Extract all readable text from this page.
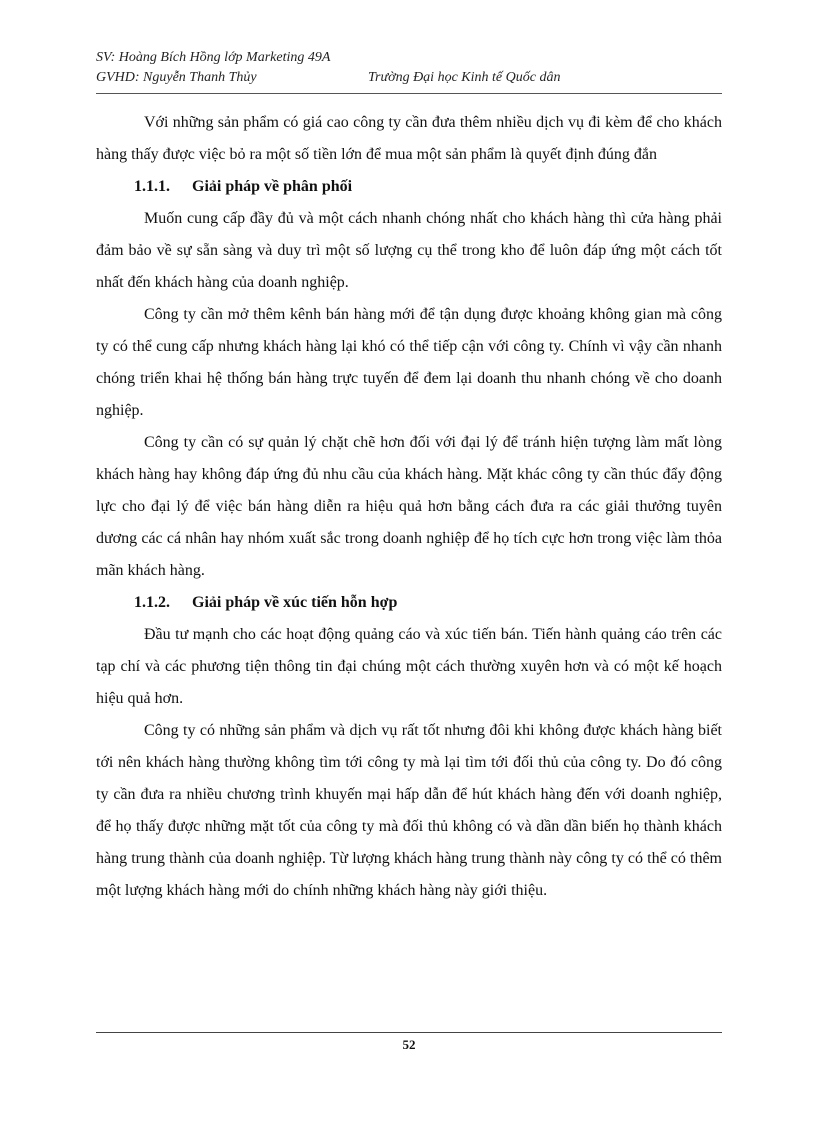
SV: Hoàng Bích Hồng lớp Marketing 49A
GVHD: Nguyễn Thanh Thủy	Trường Đại học Kinh tế Quốc dân

Với những sản phẩm có giá cao công ty cần đưa thêm nhiều dịch vụ đi kèm để cho khách hàng thấy được việc bỏ ra một số tiền lớn để mua một sản phẩm là quyết định đúng đắn

1.1.1. Giải pháp về phân phối

Muốn cung cấp đầy đủ và một cách nhanh chóng nhất cho khách hàng thì cửa hàng phải đảm bảo về sự sẵn sàng và duy trì một số lượng cụ thể trong kho để luôn đáp ứng một cách tốt nhất đến khách hàng của doanh nghiệp.

Công ty cần mở thêm kênh bán hàng mới để tận dụng được khoảng không gian mà công ty có thể cung cấp nhưng khách hàng lại khó có thể tiếp cận với công ty. Chính vì vậy cần nhanh chóng triển khai hệ thống bán hàng trực tuyến để đem lại doanh thu nhanh chóng về cho doanh nghiệp.

Công ty cần có sự quản lý chặt chẽ hơn đối với đại lý để tránh hiện tượng làm mất lòng khách hàng hay không đáp ứng đủ nhu cầu của khách hàng. Mặt khác công ty cần thúc đẩy động lực cho đại lý để việc bán hàng diễn ra hiệu quả hơn bằng cách đưa ra các giải thưởng tuyên dương các cá nhân hay nhóm xuất sắc trong doanh nghiệp để họ tích cực hơn trong việc làm thỏa mãn khách hàng.

1.1.2. Giải pháp về xúc tiến hỗn hợp

Đầu tư mạnh cho các hoạt động quảng cáo và xúc tiến bán. Tiến hành quảng cáo trên các tạp chí và các phương tiện thông tin đại chúng một cách thường xuyên hơn và có một kế hoạch hiệu quả hơn.

Công ty có những sản phẩm và dịch vụ rất tốt nhưng đôi khi không được khách hàng biết tới nên khách hàng thường không tìm tới công ty mà lại tìm tới đối thủ của công ty. Do đó công ty cần đưa ra nhiều chương trình khuyến mại hấp dẫn để hút khách hàng đến với doanh nghiệp, để họ thấy được những mặt tốt của công ty mà đối thủ không có và dần dần biến họ thành khách hàng trung thành của doanh nghiệp. Từ lượng khách hàng trung thành này công ty có thể có thêm một lượng khách hàng mới do chính những khách hàng này giới thiệu.

52
